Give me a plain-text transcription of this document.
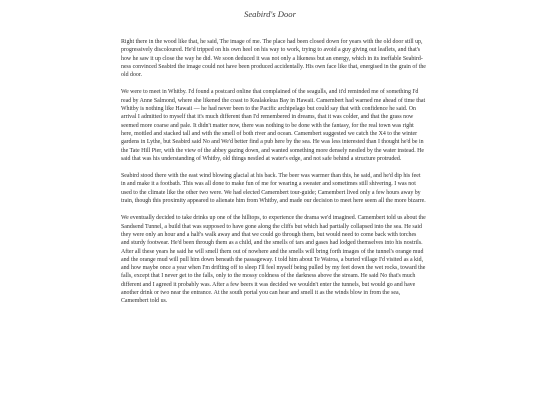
Seabird's Door

Right there in the wood like that, he said, The image of me. The place had been closed down for years with the old door still up, progressively discoloured. He'd tripped on his own heel on his way to work, trying to avoid a guy giving out leaflets, and that's how he saw it up close the way he did. We soon deduced it was not only a likeness but an energy, which in its ineffable Seabird-ness convinced Seabird the image could not have been produced accidentally. His own face like that, energised in the grain of the old door.

We were to meet in Whitby. I'd found a postcard online that complained of the seagulls, and it'd reminded me of something I'd read by Anne Salmond, where she likened the coast to Kealakekua Bay in Hawaii. Camembert had warned me ahead of time that Whitby is nothing like Hawaii — he had never been to the Pacific archipelago but could say that with confidence he said. On arrival I admitted to myself that it's much different than I'd remembered in dreams, that it was colder, and that the grass now seemed more coarse and pale. It didn't matter now, there was nothing to be done with the fantasy, for the real town was right here, mottled and stacked tall and with the smell of both river and ocean. Camembert suggested we catch the X4 to the winter gardens in Lythe, but Seabird said No and We'd better find a pub here by the sea. He was less interested than I thought he'd be in the Tate Hill Pier, with the view of the abbey gazing down, and wanted something more densely nestled by the water instead. He said that was his understanding of Whitby, old things nestled at water's edge, and not safe behind a structure protruded.

Seabird stood there with the east wind blowing glacial at his back. The beer was warmer than this, he said, and he'd dip his feet in and make it a footbath. This was all done to make fun of me for wearing a sweater and sometimes still shivering. I was not used to the climate like the other two were. We had elected Camembert tour-guide; Camembert lived only a few hours away by train, though this proximity appeared to alienate him from Whitby, and made our decision to meet here seem all the more bizarre.

We eventually decided to take drinks up one of the hilltops, to experience the drama we'd imagined. Camembert told us about the Sandsend Tunnel, a build that was supposed to have gone along the cliffs but which had partially collapsed into the sea. He said they were only an hour and a half's walk away and that we could go through them, but would need to come back with torches and sturdy footwear. He'd been through them as a child, and the smells of tars and gases had lodged themselves into his nostrils. After all these years he said he will smell them out of nowhere and the smells will bring forth images of the tunnel's orange mud and the orange mud will pull him down beneath the passageway. I told him about Te Wairoa, a buried village I'd visited as a kid, and how maybe once a year when I'm drifting off to sleep I'll feel myself being pulled by my feet down the wet rocks, toward the falls, except that I never get to the falls, only to the mossy coldness of the darkness above the stream. He said No that's much different and I agreed it probably was. After a few beers it was decided we wouldn't enter the tunnels, but would go and have another drink or two near the entrance. At the south portal you can hear and smell it as the winds blow in from the sea, Camembert told us.
